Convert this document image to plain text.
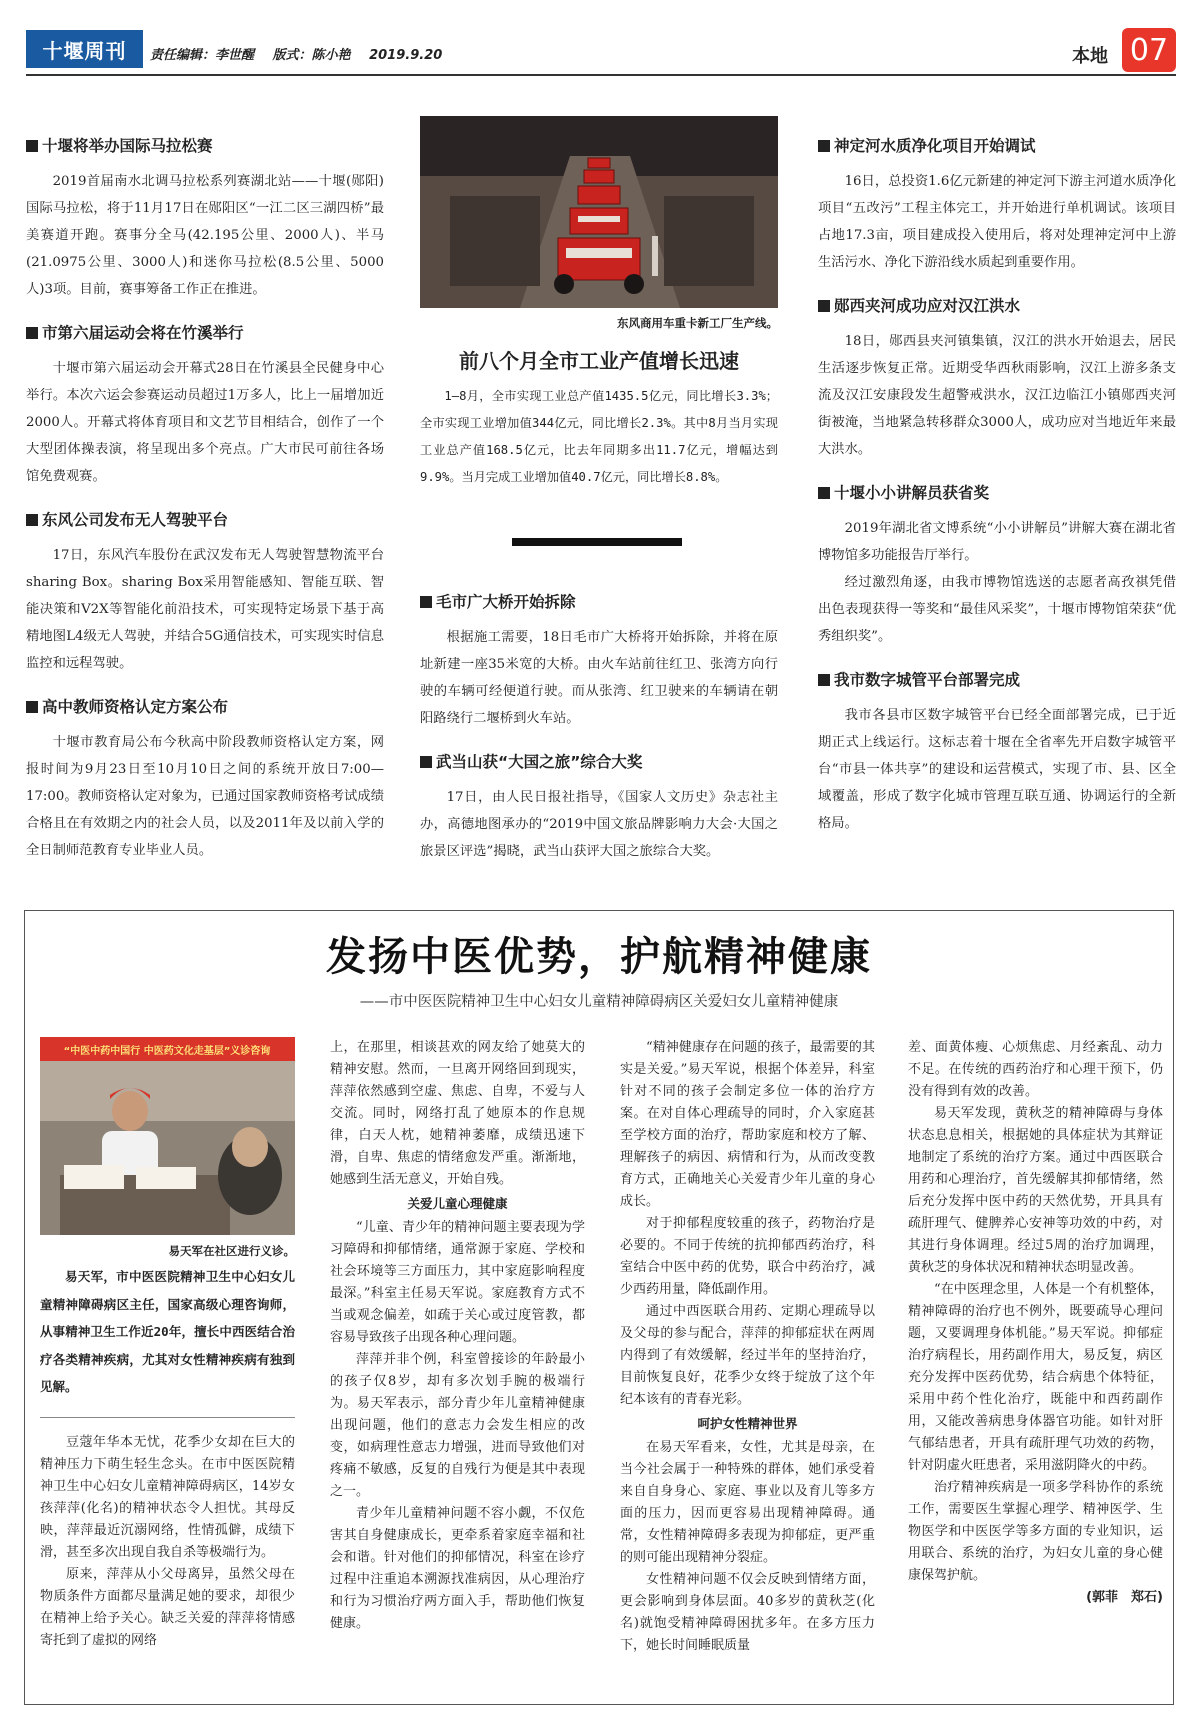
十堰周刊	责任编辑：李世醒 版式：陈小艳 2019.9.20	本地 07
十堰将举办国际马拉松赛

2019首届南水北调马拉松系列赛湖北站——十堰(郧阳)国际马拉松，将于11月17日在郧阳区“一江二区三湖四桥”最美赛道开跑。赛事分全马(42.195公里、2000人)、半马(21.0975公里、3000人)和迷你马拉松(8.5公里、5000人)3项。目前，赛事筹备工作正在推进。

市第六届运动会将在竹溪举行

十堰市第六届运动会开幕式28日在竹溪县全民健身中心举行。本次六运会参赛运动员超过1万多人，比上一届增加近2000人。开幕式将体育项目和文艺节目相结合，创作了一个大型团体操表演，将呈现出多个亮点。广大市民可前往各场馆免费观赛。

东风公司发布无人驾驶平台

17日，东风汽车股份在武汉发布无人驾驶智慧物流平台sharing Box。sharing Box采用智能感知、智能互联、智能决策和V2X等智能化前沿技术，可实现特定场景下基于高精地图L4级无人驾驶，并结合5G通信技术，可实现实时信息监控和远程驾驶。

高中教师资格认定方案公布

十堰市教育局公布今秋高中阶段教师资格认定方案，网报时间为9月23日至10月10日之间的系统开放日7:00—17:00。教师资格认定对象为，已通过国家教师资格考试成绩合格且在有效期之内的社会人员，以及2011年及以前入学的全日制师范教育专业毕业人员。

东风商用车重卡新工厂生产线。
前八个月全市工业产值增长迅速

1—8月，全市实现工业总产值1435.5亿元，同比增长3.3%；全市实现工业增加值344亿元，同比增长2.3%。其中8月当月实现工业总产值168.5亿元，比去年同期多出11.7亿元，增幅达到9.9%。当月完成工业增加值40.7亿元，同比增长8.8%。

毛市广大桥开始拆除

根据施工需要，18日毛市广大桥将开始拆除，并将在原址新建一座35米宽的大桥。由火车站前往红卫、张湾方向行驶的车辆可经便道行驶。而从张湾、红卫驶来的车辆请在朝阳路绕行二堰桥到火车站。

武当山获“大国之旅”综合大奖

17日，由人民日报社指导，《国家人文历史》杂志社主办，高德地图承办的“2019中国文旅品牌影响力大会·大国之旅景区评选”揭晓，武当山获评大国之旅综合大奖。

神定河水质净化项目开始调试

16日，总投资1.6亿元新建的神定河下游主河道水质净化项目“五改污”工程主体完工，并开始进行单机调试。该项目占地17.3亩，项目建成投入使用后，将对处理神定河中上游生活污水、净化下游沿线水质起到重要作用。

郧西夹河成功应对汉江洪水

18日，郧西县夹河镇集镇，汉江的洪水开始退去，居民生活逐步恢复正常。近期受华西秋雨影响，汉江上游多条支流及汉江安康段发生超警戒洪水，汉江边临江小镇郧西夹河街被淹，当地紧急转移群众3000人，成功应对当地近年来最大洪水。

十堰小小讲解员获省奖

2019年湖北省文博系统“小小讲解员”讲解大赛在湖北省博物馆多功能报告厅举行。

经过激烈角逐，由我市博物馆选送的志愿者高孜祺凭借出色表现获得一等奖和“最佳风采奖”，十堰市博物馆荣获“优秀组织奖”。

我市数字城管平台部署完成

我市各县市区数字城管平台已经全面部署完成，已于近期正式上线运行。这标志着十堰在全省率先开启数字城管平台“市县一体共享”的建设和运营模式，实现了市、县、区全域覆盖，形成了数字化城市管理互联互通、协调运行的全新格局。

发扬中医优势，护航精神健康
——市中医医院精神卫生中心妇女儿童精神障碍病区关爱妇女儿童精神健康
“中医中药中国行 中医药文化走基层”义诊咨询
易天军在社区进行义诊。

易天军，市中医医院精神卫生中心妇女儿童精神障碍病区主任，国家高级心理咨询师，从事精神卫生工作近20年，擅长中西医结合治疗各类精神疾病，尤其对女性精神疾病有独到见解。

豆蔻年华本无忧，花季少女却在巨大的精神压力下萌生轻生念头。在市中医医院精神卫生中心妇女儿童精神障碍病区，14岁女孩萍萍(化名)的精神状态令人担忧。其母反映，萍萍最近沉溺网络，性情孤僻，成绩下滑，甚至多次出现自我自杀等极端行为。

原来，萍萍从小父母离异，虽然父母在物质条件方面都尽量满足她的要求，却很少在精神上给予关心。缺乏关爱的萍萍将情感寄托到了虚拟的网络

上，在那里，相谈甚欢的网友给了她莫大的精神安慰。然而，一旦离开网络回到现实，萍萍依然感到空虚、焦虑、自卑，不爱与人交流。同时，网络打乱了她原本的作息规律，白天人枕，她精神萎靡，成绩迅速下滑，自卑、焦虑的情绪愈发严重。渐渐地，她感到生活无意义，开始自残。

关爱儿童心理健康

“儿童、青少年的精神问题主要表现为学习障碍和抑郁情绪，通常源于家庭、学校和社会环境等三方面压力，其中家庭影响程度最深。”科室主任易天军说。家庭教育方式不当或观念偏差，如疏于关心或过度管教，都容易导致孩子出现各种心理问题。

萍萍并非个例，科室曾接诊的年龄最小的孩子仅8岁，却有多次划手腕的极端行为。易天军表示，部分青少年儿童精神健康出现问题，他们的意志力会发生相应的改变，如病理性意志力增强，进而导致他们对疼痛不敏感，反复的自残行为便是其中表现之一。

青少年儿童精神问题不容小觑，不仅危害其自身健康成长，更牵系着家庭幸福和社会和谐。针对他们的抑郁情况，科室在诊疗过程中注重追本溯源找准病因，从心理治疗和行为习惯治疗两方面入手，帮助他们恢复健康。

“精神健康存在问题的孩子，最需要的其实是关爱。”易天军说，根据个体差异，科室针对不同的孩子会制定多位一体的治疗方案。在对自体心理疏导的同时，介入家庭甚至学校方面的治疗，帮助家庭和校方了解、理解孩子的病因、病情和行为，从而改变教育方式，正确地关心关爱青少年儿童的身心成长。

对于抑郁程度较重的孩子，药物治疗是必要的。不同于传统的抗抑郁西药治疗，科室结合中医中药的优势，联合中药治疗，减少西药用量，降低副作用。

通过中西医联合用药、定期心理疏导以及父母的参与配合，萍萍的抑郁症状在两周内得到了有效缓解，经过半年的坚持治疗，目前恢复良好，花季少女终于绽放了这个年纪本该有的青春光彩。

呵护女性精神世界

在易天军看来，女性，尤其是母亲，在当今社会属于一种特殊的群体，她们承受着来自自身身心、家庭、事业以及育儿等多方面的压力，因而更容易出现精神障碍。通常，女性精神障碍多表现为抑郁症，更严重的则可能出现精神分裂症。

女性精神问题不仅会反映到情绪方面，更会影响到身体层面。40多岁的黄秋芝(化名)就饱受精神障碍困扰多年。在多方压力下，她长时间睡眠质量

差、面黄体瘦、心烦焦虑、月经紊乱、动力不足。在传统的西药治疗和心理干预下，仍没有得到有效的改善。

易天军发现，黄秋芝的精神障碍与身体状态息息相关，根据她的具体症状为其辩证地制定了系统的治疗方案。通过中西医联合用药和心理治疗，首先缓解其抑郁情绪，然后充分发挥中医中药的天然优势，开具具有疏肝理气、健脾养心安神等功效的中药，对其进行身体调理。经过5周的治疗加调理，黄秋芝的身体状况和精神状态明显改善。

“在中医理念里，人体是一个有机整体，精神障碍的治疗也不例外，既要疏导心理问题，又要调理身体机能。”易天军说。抑郁症治疗病程长，用药副作用大，易反复，病区充分发挥中医药优势，结合病患个体特征，采用中药个性化治疗，既能中和西药副作用，又能改善病患身体器官功能。如针对肝气郁结患者，开具有疏肝理气功效的药物，针对阴虚火旺患者，采用滋阴降火的中药。

治疗精神疾病是一项多学科协作的系统工作，需要医生掌握心理学、精神医学、生物医学和中医医学等多方面的专业知识，运用联合、系统的治疗，为妇女儿童的身心健康保驾护航。

(郭菲　郑石)
